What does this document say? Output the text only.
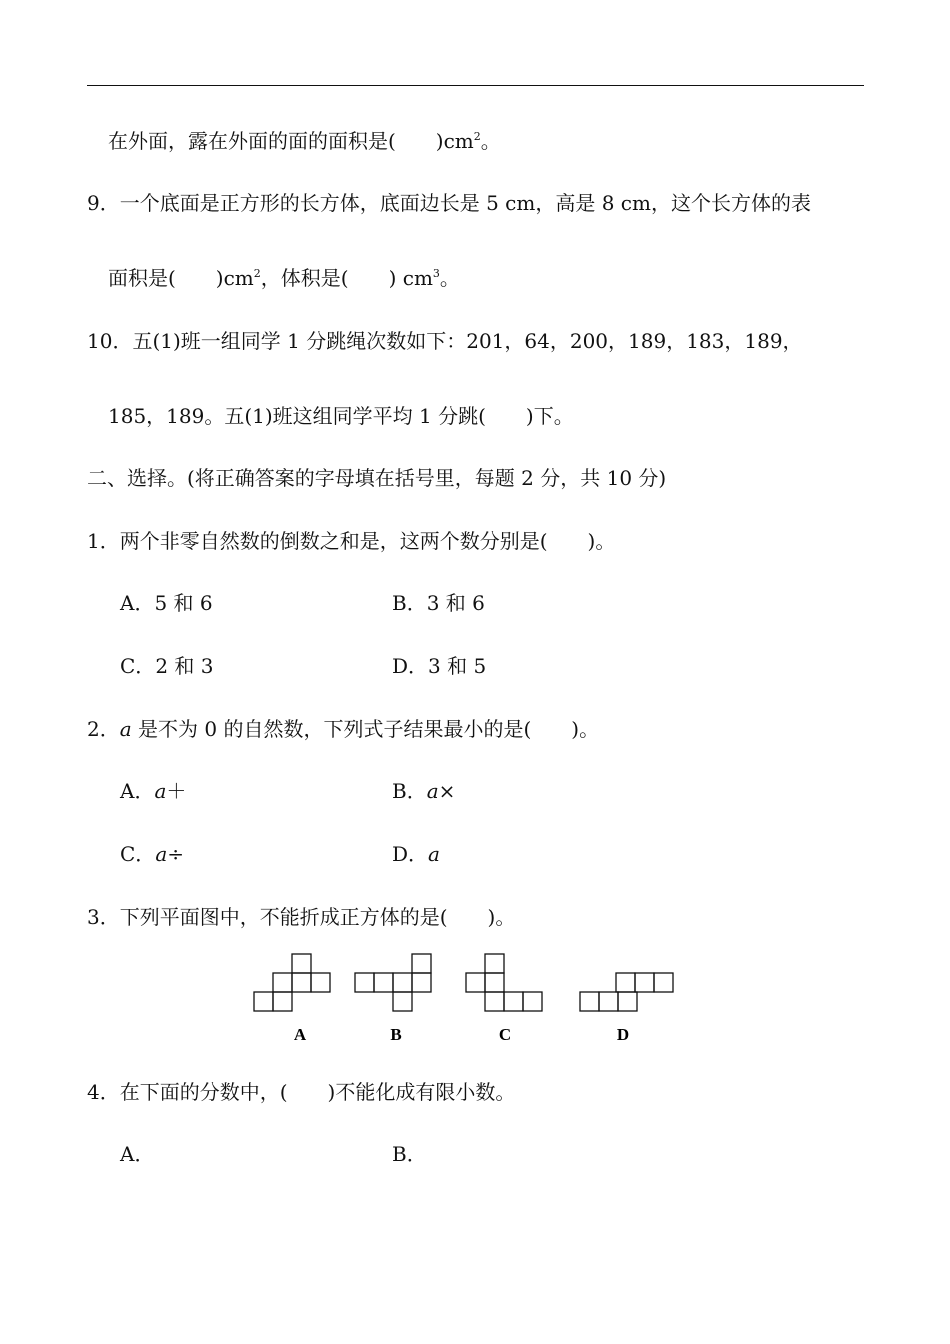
在外面，露在外面的面的面积是(　　)$cm^2$。
9．一个底面是正方形的长方体，底面边长是 5 cm，高是 8 cm，这个长方体的表
面积是(　　)$cm^2$，体积是(　　) $cm^3$。
10．五(1)班一组同学 1 分跳绳次数如下：201，64，200，189，183，189，
185，189。五(1)班这组同学平均 1 分跳(　　)下。
二、选择。(将正确答案的字母填在括号里，每题 2 分，共 10 分)
1．两个非零自然数的倒数之和是，这两个数分别是(　　)。
A．5 和 6	B．3 和 6
C．2 和 3	D．3 和 5
2．a 是不为 0 的自然数，下列式子结果最小的是(　　)。
A．a＋	B．a×
C．a÷	D．a
3．下列平面图中，不能折成正方体的是(　　)。
A	B	C	D
4．在下面的分数中，(　　)不能化成有限小数。
A．	B．
